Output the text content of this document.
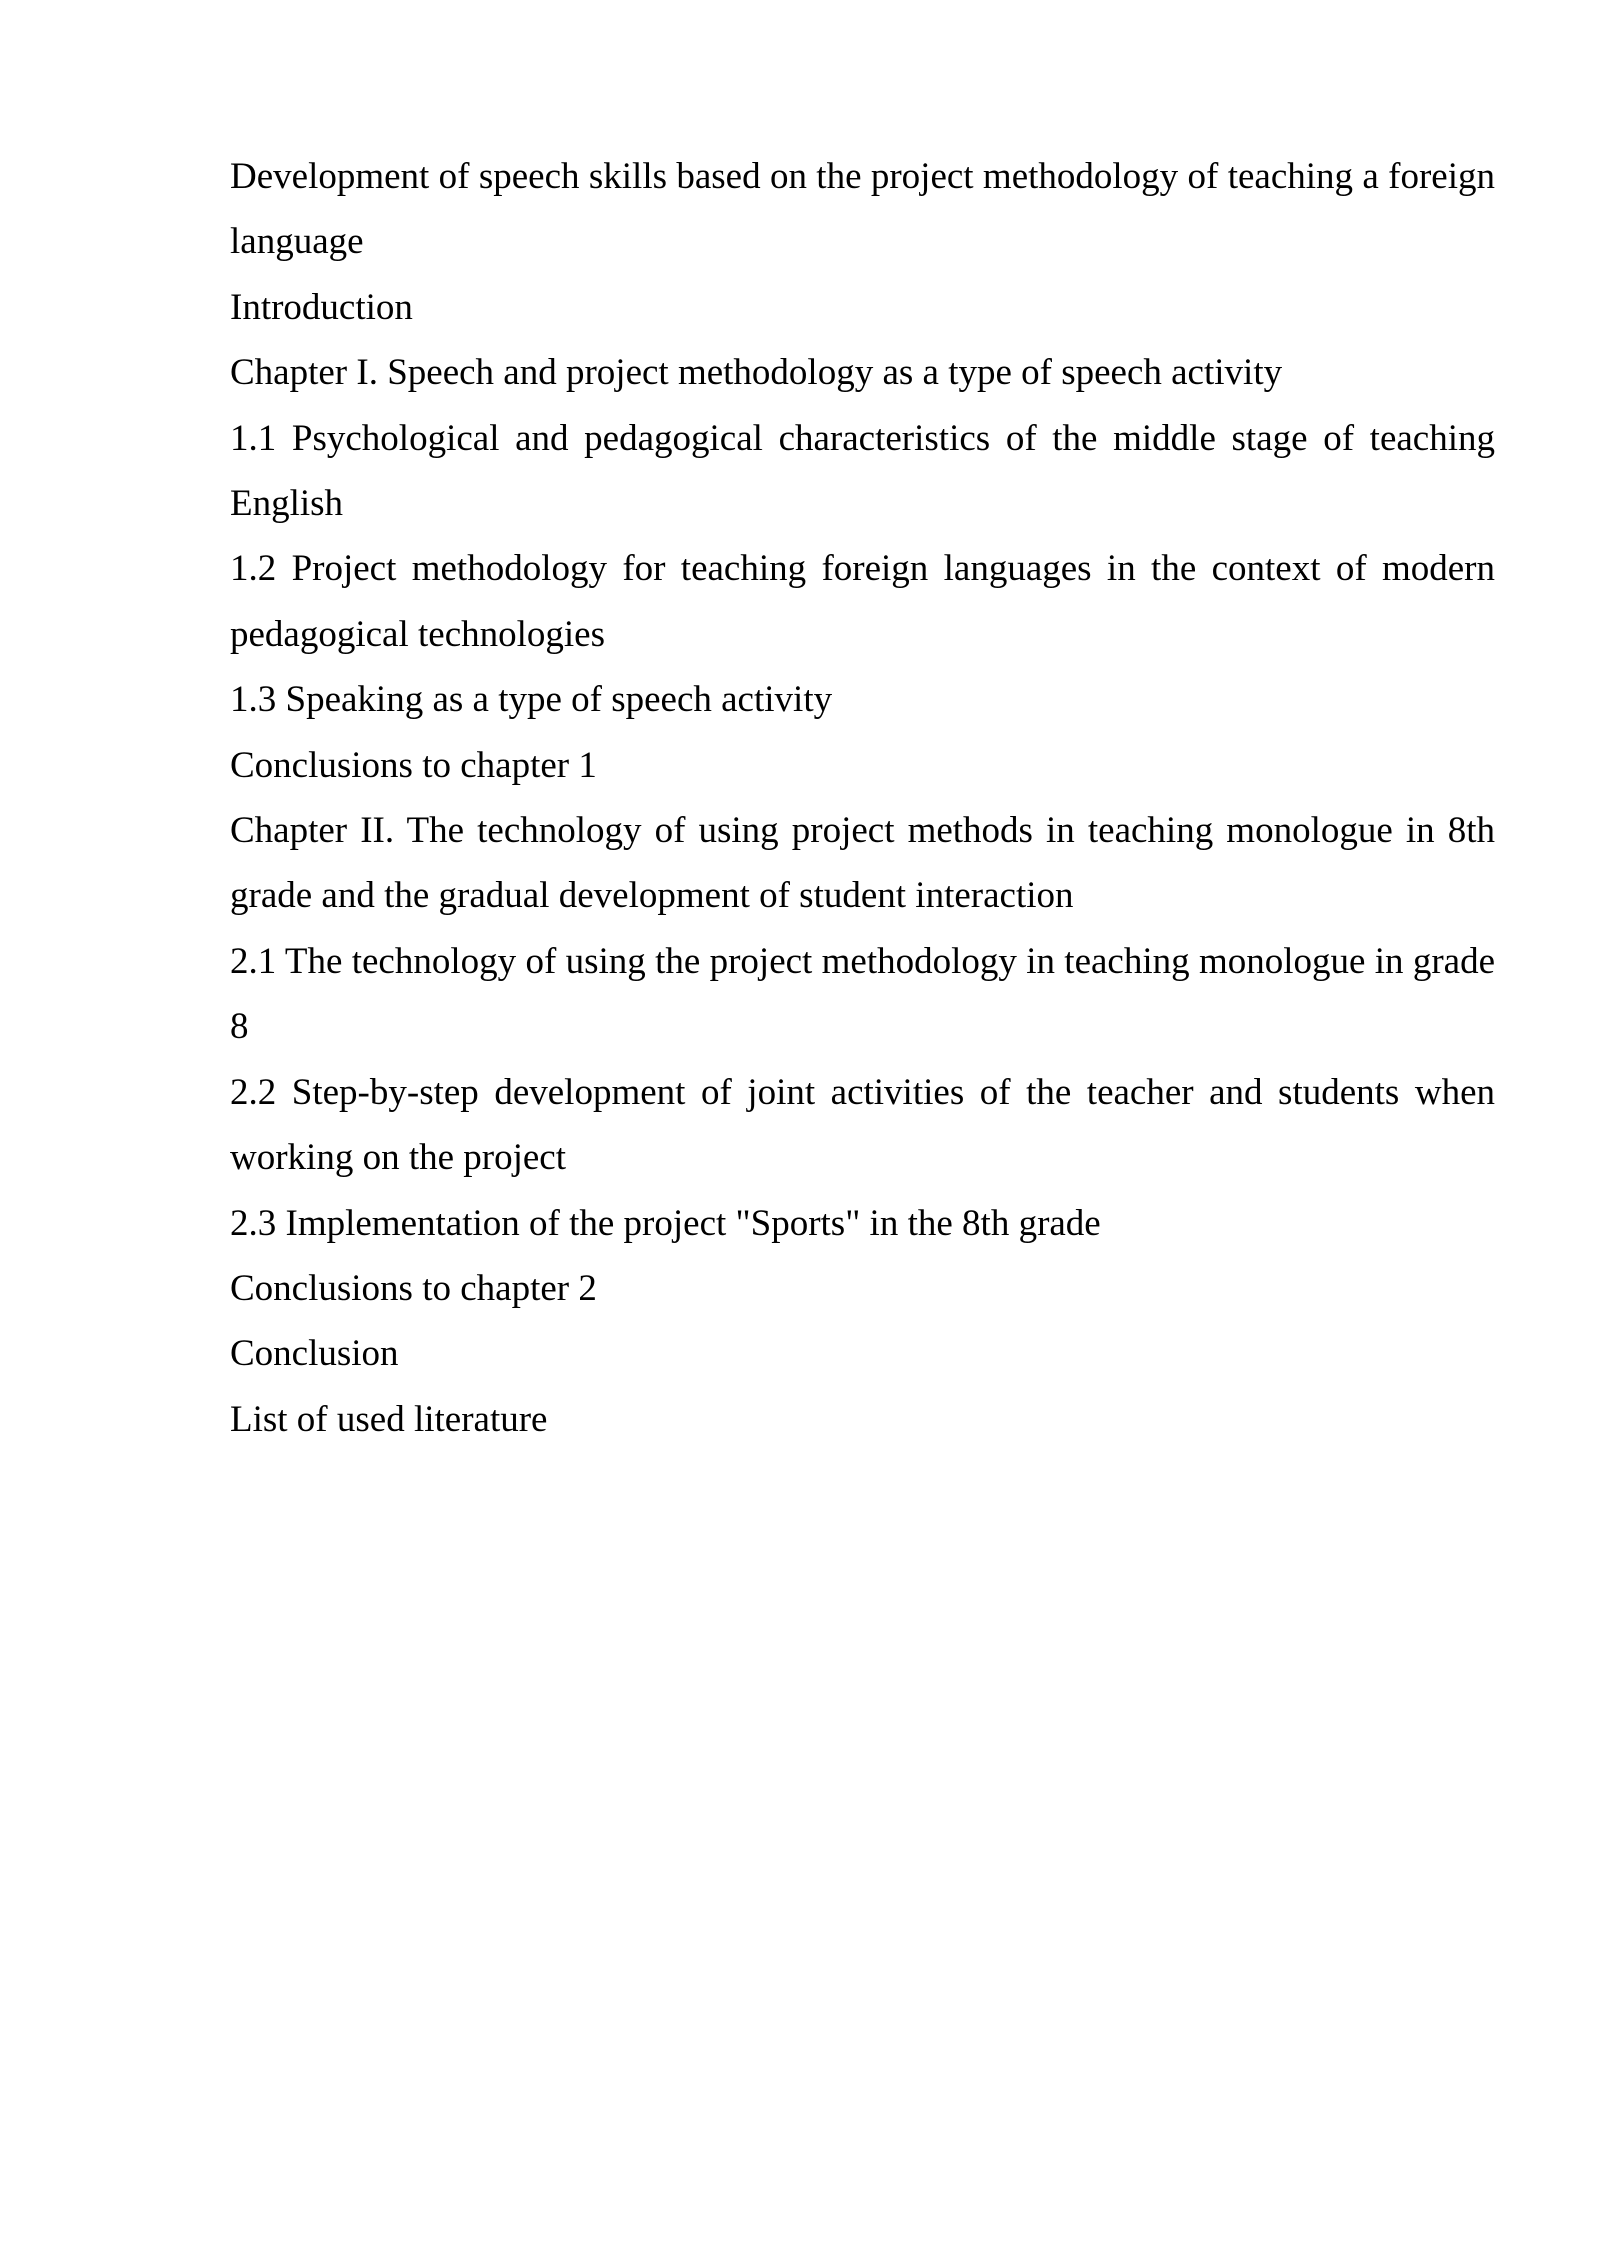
Development of speech skills based on the project methodology of teaching a foreign language

Introduction

Chapter I. Speech and project methodology as a type of speech activity

1.1 Psychological and pedagogical characteristics of the middle stage of teaching English

1.2 Project methodology for teaching foreign languages in the context of modern pedagogical technologies

1.3 Speaking as a type of speech activity

Conclusions to chapter 1

Chapter II. The technology of using project methods in teaching monologue in 8th grade and the gradual development of student interaction

2.1 The technology of using the project methodology in teaching monologue in grade 8

2.2 Step-by-step development of joint activities of the teacher and students when working on the project

2.3 Implementation of the project "Sports" in the 8th grade

Conclusions to chapter 2

Conclusion

List of used literature
